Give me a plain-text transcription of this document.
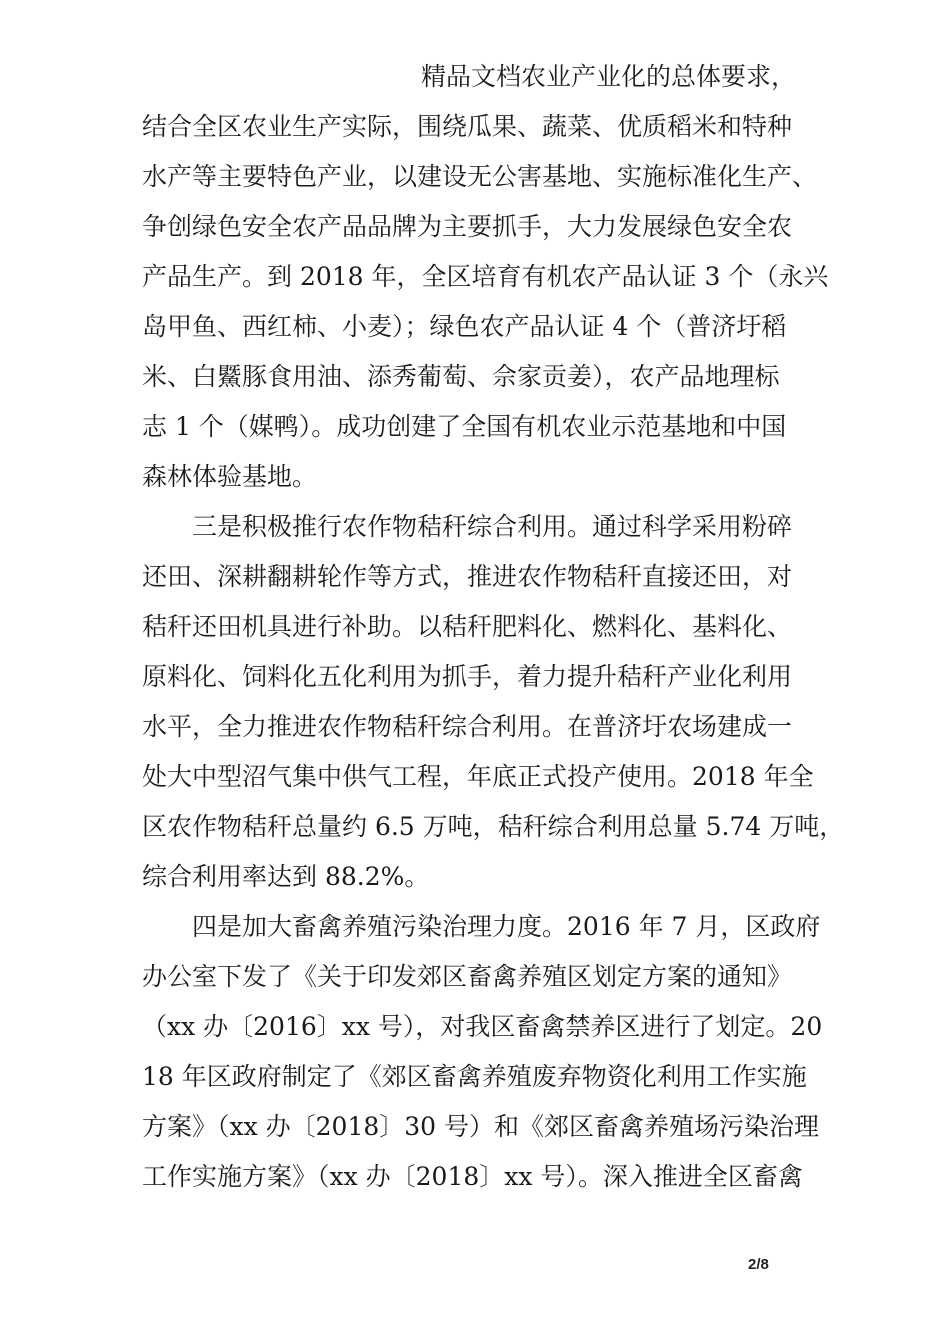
精品文档农业产业化的总体要求，
结合全区农业生产实际，围绕瓜果、蔬菜、优质稻米和特种
水产等主要特色产业，以建设无公害基地、实施标准化生产、
争创绿色安全农产品品牌为主要抓手，大力发展绿色安全农
产品生产。到 2018 年，全区培育有机农产品认证 3 个（永兴
岛甲鱼、西红柿、小麦）；绿色农产品认证 4 个（普济圩稻
米、白鱀豚食用油、添秀葡萄、佘家贡姜），农产品地理标
志 1 个（媒鸭）。成功创建了全国有机农业示范基地和中国
森林体验基地。
三是积极推行农作物秸秆综合利用。通过科学采用粉碎
还田、深耕翻耕轮作等方式，推进农作物秸秆直接还田，对
秸秆还田机具进行补助。以秸秆肥料化、燃料化、基料化、
原料化、饲料化五化利用为抓手，着力提升秸秆产业化利用
水平，全力推进农作物秸秆综合利用。在普济圩农场建成一
处大中型沼气集中供气工程，年底正式投产使用。2018 年全
区农作物秸秆总量约 6.5 万吨，秸秆综合利用总量 5.74 万吨，
综合利用率达到 88.2%。
四是加大畜禽养殖污染治理力度。2016 年 7 月，区政府
办公室下发了《关于印发郊区畜禽养殖区划定方案的通知》
（xx 办〔2016〕xx 号），对我区畜禽禁养区进行了划定。20
18 年区政府制定了《郊区畜禽养殖废弃物资化利用工作实施
方案》（xx 办〔2018〕30 号）和《郊区畜禽养殖场污染治理
工作实施方案》（xx 办〔2018〕xx 号）。深入推进全区畜禽
2/8
